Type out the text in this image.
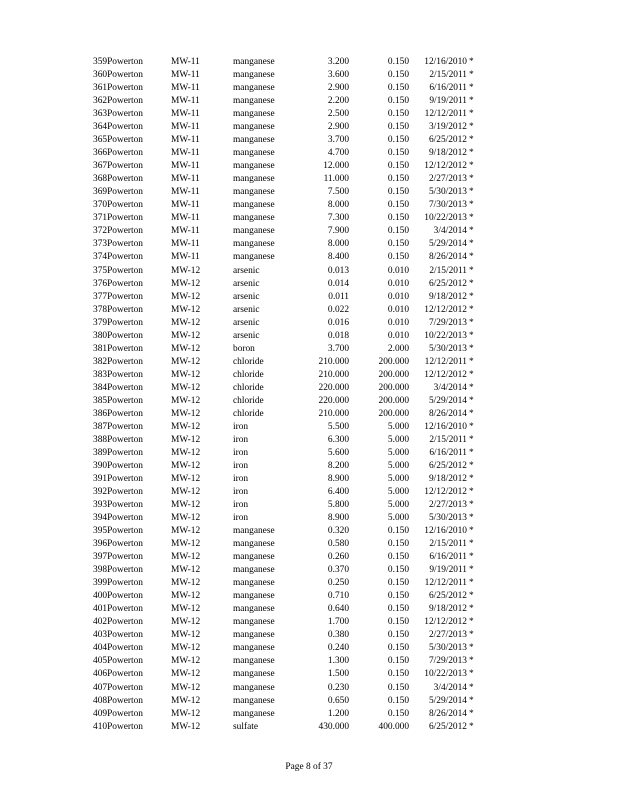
359Powerton	MW-11	manganese	3.200	0.150	12/16/2010 *
360Powerton	MW-11	manganese	3.600	0.150	2/15/2011 *
361Powerton	MW-11	manganese	2.900	0.150	6/16/2011 *
362Powerton	MW-11	manganese	2.200	0.150	9/19/2011 *
363Powerton	MW-11	manganese	2.500	0.150	12/12/2011 *
364Powerton	MW-11	manganese	2.900	0.150	3/19/2012 *
365Powerton	MW-11	manganese	3.700	0.150	6/25/2012 *
366Powerton	MW-11	manganese	4.700	0.150	9/18/2012 *
367Powerton	MW-11	manganese	12.000	0.150	12/12/2012 *
368Powerton	MW-11	manganese	11.000	0.150	2/27/2013 *
369Powerton	MW-11	manganese	7.500	0.150	5/30/2013 *
370Powerton	MW-11	manganese	8.000	0.150	7/30/2013 *
371Powerton	MW-11	manganese	7.300	0.150	10/22/2013 *
372Powerton	MW-11	manganese	7.900	0.150	3/4/2014 *
373Powerton	MW-11	manganese	8.000	0.150	5/29/2014 *
374Powerton	MW-11	manganese	8.400	0.150	8/26/2014 *
375Powerton	MW-12	arsenic	0.013	0.010	2/15/2011 *
376Powerton	MW-12	arsenic	0.014	0.010	6/25/2012 *
377Powerton	MW-12	arsenic	0.011	0.010	9/18/2012 *
378Powerton	MW-12	arsenic	0.022	0.010	12/12/2012 *
379Powerton	MW-12	arsenic	0.016	0.010	7/29/2013 *
380Powerton	MW-12	arsenic	0.018	0.010	10/22/2013 *
381Powerton	MW-12	boron	3.700	2.000	5/30/2013 *
382Powerton	MW-12	chloride	210.000	200.000	12/12/2011 *
383Powerton	MW-12	chloride	210.000	200.000	12/12/2012 *
384Powerton	MW-12	chloride	220.000	200.000	3/4/2014 *
385Powerton	MW-12	chloride	220.000	200.000	5/29/2014 *
386Powerton	MW-12	chloride	210.000	200.000	8/26/2014 *
387Powerton	MW-12	iron	5.500	5.000	12/16/2010 *
388Powerton	MW-12	iron	6.300	5.000	2/15/2011 *
389Powerton	MW-12	iron	5.600	5.000	6/16/2011 *
390Powerton	MW-12	iron	8.200	5.000	6/25/2012 *
391Powerton	MW-12	iron	8.900	5.000	9/18/2012 *
392Powerton	MW-12	iron	6.400	5.000	12/12/2012 *
393Powerton	MW-12	iron	5.800	5.000	2/27/2013 *
394Powerton	MW-12	iron	8.900	5.000	5/30/2013 *
395Powerton	MW-12	manganese	0.320	0.150	12/16/2010 *
396Powerton	MW-12	manganese	0.580	0.150	2/15/2011 *
397Powerton	MW-12	manganese	0.260	0.150	6/16/2011 *
398Powerton	MW-12	manganese	0.370	0.150	9/19/2011 *
399Powerton	MW-12	manganese	0.250	0.150	12/12/2011 *
400Powerton	MW-12	manganese	0.710	0.150	6/25/2012 *
401Powerton	MW-12	manganese	0.640	0.150	9/18/2012 *
402Powerton	MW-12	manganese	1.700	0.150	12/12/2012 *
403Powerton	MW-12	manganese	0.380	0.150	2/27/2013 *
404Powerton	MW-12	manganese	0.240	0.150	5/30/2013 *
405Powerton	MW-12	manganese	1.300	0.150	7/29/2013 *
406Powerton	MW-12	manganese	1.500	0.150	10/22/2013 *
407Powerton	MW-12	manganese	0.230	0.150	3/4/2014 *
408Powerton	MW-12	manganese	0.650	0.150	5/29/2014 *
409Powerton	MW-12	manganese	1.200	0.150	8/26/2014 *
410Powerton	MW-12	sulfate	430.000	400.000	6/25/2012 *
Page 8 of 37
